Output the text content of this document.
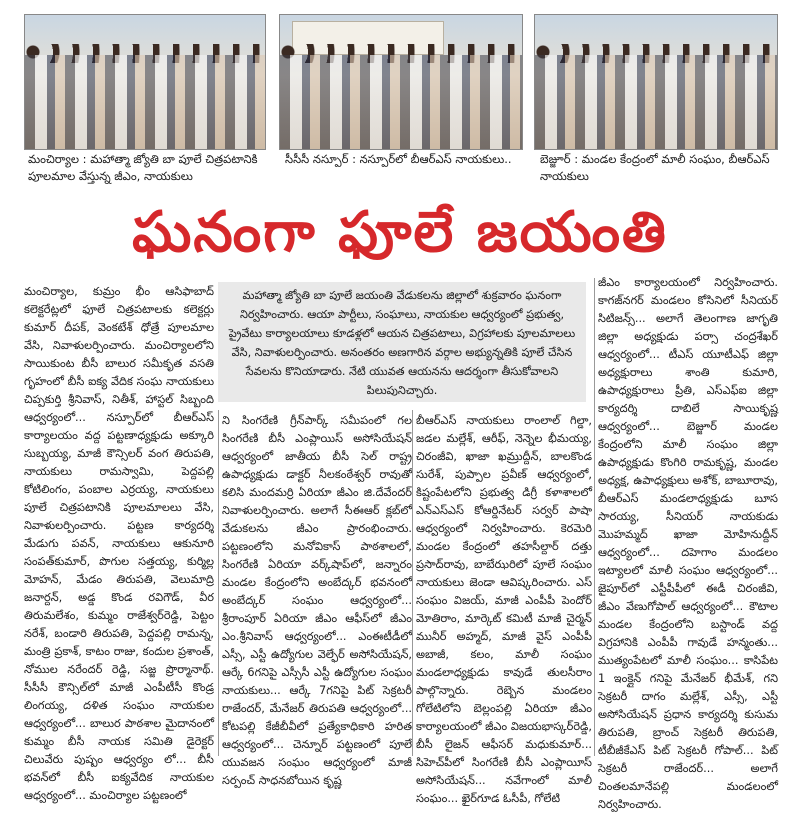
మంచిర్యాల : మహాత్మా జ్యోతి బా పూలే చిత్రపటానికి పూలమాల వేస్తున్న జీఎం, నాయకులు
సీసీసీ నస్పూర్ : నస్పూర్‌లో బీఆర్ఎస్ నాయకులు..	బెజ్జూర్ : మండల కేంద్రంలో మాలీ సంఘం, బీఆర్ఎస్ నాయకులు
ఘనంగా ఫూలే జయంతి
మంచిర్యాల, కుమ్రం భీం ఆసిఫాబాద్ కలెక్టరేట్లలో ఫూలే చిత్రపటాలకు కలెక్టర్లు కుమార్ దీపక్, వెంకటేశ్ ధోత్రే పూలమాల వేసి, నివాళులర్పించారు. మంచిర్యాలలోని సాయికుంట బీసీ బాలుర సమీకృత వసతి గృహంలో బీసీ ఐక్య వేదిక సంఘ నాయకులు చిప్పకుర్తి శ్రీనివాస్, నితీశ్, హాస్టల్ సిబ్బంది ఆధ్వర్యంలో... నస్పూర్‌లో బీఆర్ఎస్ కార్యాలయం వద్ద పట్టణాధ్యక్షుడు అక్కూరి సుబ్బయ్య, మాజీ కౌన్సిలర్ వంగ తిరుపతి, నాయకులు రామస్వామి, పెద్దపల్లి కోటిలింగం, పంబాల ఎర్రయ్య, నాయకులు పూలే చిత్రపటానికి పూలమాలలు వేసి, నివాళులర్పించారు. పట్టణ కార్యదర్శి మేడుగు పవన్, నాయకులు ఆకునూరి సంపత్‌కుమార్, పొగుల సత్తయ్య, కుర్మిల్ల మోహన్, మేడం తిరుపతి, వెలుమాద్రి జనార్దన్, అడ్డ కొండ రవిగౌడ్, వీర తిరుమలేశం, కుమ్మం రాజేశ్వర్‌రెడ్డి, పెట్టం నరేశ్, బండారి తిరుపతి, పెద్దపల్లి రామన్న, మంత్రి ప్రకాశ్, కాటం రాజు, కందుల ప్రశాంత్, నోముల నరేందర్ రెడ్డి, సజ్జ ప్రొర్మానాథ్. సీసీసీ కౌన్సిల్‌లో మాజీ ఎంపీటీసీ కొండ్ర లింగయ్య, దళిత సంఘం నాయకుల ఆధ్వర్యంలో... బాలుర పాఠశాల మైదానంలో కుమ్మం బీసీ నాయక సమితి డైరెక్టర్ చిలువేరు పుష్పం ఆధ్వర్యం లో... బీసీ భవన్‌లో బీసీ ఐక్యవేదిక నాయకుల ఆధ్వర్యంలో... మంచిర్యాల పట్టణంలో
మహాత్మా జ్యోతి బా పూలే జయంతి వేడుకలను జిల్లాలో శుక్రవారం ఘనంగా నిర్వహించారు. ఆయా పార్టీలు, సంఘాలు, నాయకుల ఆధ్వర్యంలో ప్రభుత్వ, ప్రైవేటు కార్యాలయాలు కూడళ్లలో ఆయన చిత్రపటాలు, విగ్రహాలకు పూలమాలలు వేసి, నివాళులర్పించారు. అనంతరం అణగారిన వర్గాల అభ్యున్నతికి పూలే చేసిన సేవలను కొనియాడారు. నేటి యువత ఆయనను ఆదర్శంగా తీసుకోవాలని పిలుపునిచ్చారు.
ని సింగరేణి గ్రీన్‌పార్క్ సమీపంలో గల సింగరేణి బీసీ ఎంప్లాయిస్ అసోసియేషన్ ఆధ్వర్యంలో జాతీయ బీసీ సెల్ రాష్ట్ర ఉపాధ్యక్షుడు డాక్టర్ నీలకంఠేశ్వర్ రావుతో కలిసి మందమర్రి ఏరియా జీఎం జి.దేవేందర్ నివాళులర్పించారు. అలాగే సీఈఆర్ క్లబ్‌లో వేడుకలను జీఎం ప్రారంభించారు. పట్టణంలోని మనోవికాస్ పాఠశాలలో, సింగరేణి ఏరియా వర్క్‌షాప్‌లో, జన్నారం మండల కేంద్రంలోని అంబేద్కర్ భవనంలో అంబేద్కర్ సంఘం ఆధ్వర్యంలో... శ్రీరాంపూర్ ఏరియా జీఎం ఆఫీస్‌లో జీఎం ఎం.శ్రీనివాస్ ఆధ్వర్యంలో... ఎంఈటీడీలో ఎస్సీ, ఎస్టీ ఉద్యోగుల వెల్ఫేర్ అసోసియేషన్, ఆర్కే 6గనిపై ఎస్సీసీ ఎస్టీ ఉద్యోగుల సంఘం నాయకులు... ఆర్కే 7గనిపై పిట్ సెక్రటరీ రాజేందర్, మేనేజర్ తిరుపతి ఆధ్వర్యంలో... కోటపల్లి కేజీబీవీలో ప్రత్యేకాధికారి హరిత ఆధ్వర్యంలో... చెన్నూర్ పట్టణంలో పూలే యువజన సంఘం ఆధ్వర్యంలో మాజీ సర్పంచ్ సాధనబోయిన కృష్ణ
బీఆర్ఎస్ నాయకులు రాంలాల్ గిల్డా, జడల మల్లేశ్, ఆరీఫ్, నెన్నెల భీమయ్య, చిరంజీవి, ఖాజా ఖమ్రుద్దీన్, బాలకొండ సురేశ్, పుప్పాల ప్రవీణ్ ఆధ్వర్యంలో, కిష్టంపేటలోని ప్రభుత్వ డిగ్రీ కళాశాలలో ఎన్ఎస్ఎస్ కోఆర్డినేటర్ సర్వర్ పాషా ఆధ్వర్యంలో నిర్వహించారు. కెరమెరి మండల కేంద్రంలో తహసీల్దార్ దత్తు ప్రసాద్‌రావు, బాబేఝరిలో పూలే సంఘం నాయకులు జెండా ఆవిష్కరించారు. ఎస్ సంఘం విజయ్, మాజీ ఎంపీపీ పెందోర్ మోతిరాం, మార్కెట్ కమిటీ మాజీ చైర్మన్ మునీర్ అహ్మద్, మాజీ వైస్ ఎంపీపీ అబాజీ, కలం, మాలీ సంఘం మండలాధ్యక్షుడు కావుడే తులసీరాం పాల్గొన్నారు. రెబ్బెన మండలం గోలేటిలోని బెల్లంపల్లి ఏరియా జీఎం కార్యాలయంలో జీఎం విజయభాస్కర్‌రెడ్డి, బీసీ లైజన్ ఆఫీసర్ మధుకుమార్... సిహెచ్‌పీలో సింగరేణి బీసీ ఎంప్లాయీస్ అసోసియేషన్... నవేగాంలో మాలీ సంఘం... ఖైర్‌గూడ ఓసీపీ, గోలేటి
జీఎం కార్యాలయంలో నిర్వహించారు. కాగజ్‌నగర్ మండలం కోసినిలో సీనియర్ సిటిజన్స్... అలాగే తెలంగాణ జాగృతి జిల్లా అధ్యక్షుడు పర్సా చంద్రశేఖర్ ఆధ్వర్యంలో... టీఎస్ యూటీఎఫ్ జిల్లా అధ్యక్షురాలు శాంతి కుమారి, ఉపాధ్యక్షురాలు ప్రీతి, ఎస్ఎఫ్ఐ జిల్లా కార్యదర్శి దాబిలే సాయికృష్ణ ఆధ్వర్యంలో... బెజ్జూర్ మండల కేంద్రంలోని మాలీ సంఘం జిల్లా ఉపాధ్యక్షుడు కొంగిరి రామకృష్ణ, మండల అధ్యక్ష, ఉపాధ్యక్షులు అశోక్, బాబూరావు, బీఆర్ఎస్ మండలాధ్యక్షుడు బూస సారయ్య, సీనియర్ నాయకుడు మొహమ్మద్ ఖాజా మోహినుద్దీన్ ఆధ్వర్యంలో... దహెగాం మండలం ఇట్యాలలో మాలీ సంఘం ఆధ్వర్యంలో... జైపూర్‌లో ఎస్టీపీపీలో ఈడీ చిరంజీవి, జీఎం వేణుగోపాల్ ఆధ్వర్యంలో... కౌటాల మండల కేంద్రంలోని బస్టాండ్ వద్ద విగ్రహానికి ఎంపీపీ గావుడే హన్మంతు... ముత్యంపేటలో మాలీ సంఘం... కాసిపేట 1 ఇంక్లైన్ గనిపై మేనేజర్ భీమేశ్, గని సెక్రటరీ దాగం మల్లేశ్, ఎస్సీ, ఎస్టీ అసోసియేషన్ ప్రధాన కార్యదర్శి కుసుమ తిరుపతి, బ్రాంచ్ సెక్రటరీ తిరుపతి, టీబీజీకేఎస్ పిట్ సెక్రటరీ గోపాల్... పిట్ సెక్రటరీ రాజేందర్... అలాగే చింతలమానేపల్లి మండలంలో నిర్వహించారు.
